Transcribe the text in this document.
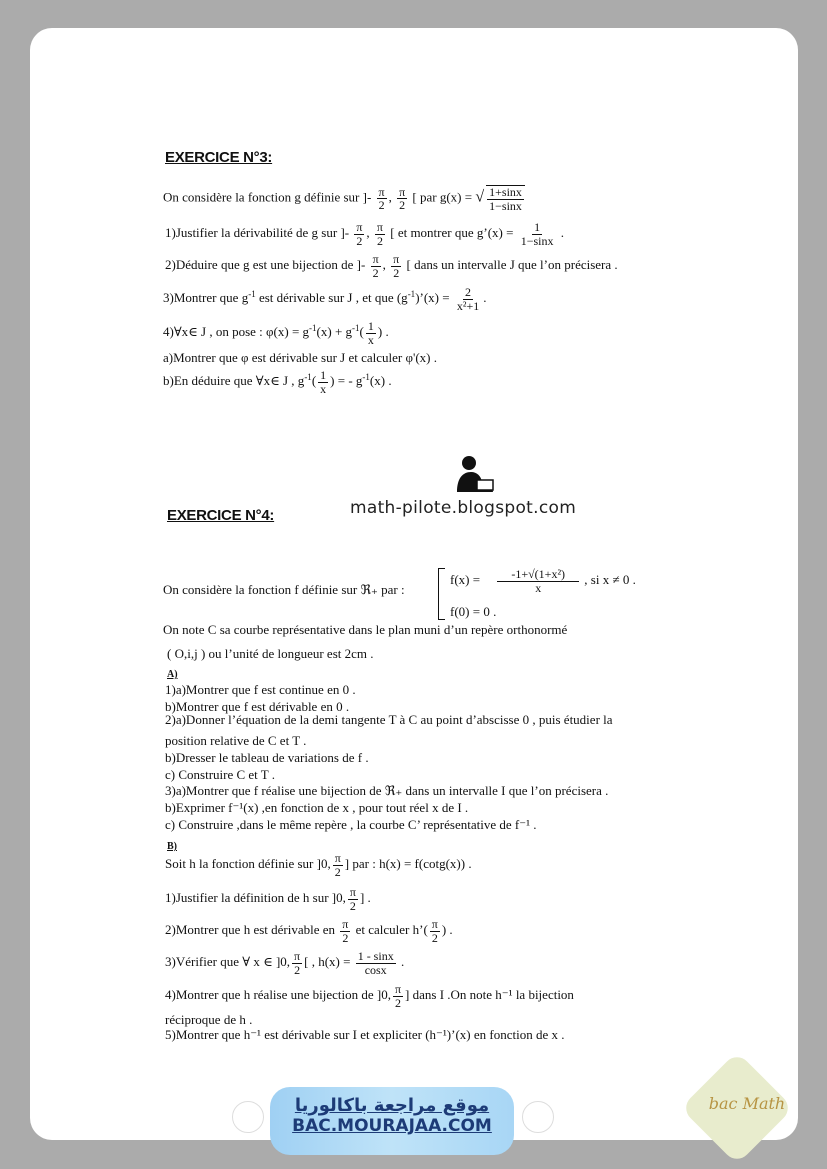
EXERCICE N°3:
On considère la fonction g définie sur ]- $\frac{\pi}{2}$ , $\frac{\pi}{2}$ [ par g(x) = √ $\frac{1+\sin x}{1-\sin x}$
1)Justifier la dérivabilité de g sur ]- $\frac{\pi}{2}$ , $\frac{\pi}{2}$ [ et montrer que g’(x) = $\frac{1}{1-\sin x}$ .
2)Déduire que g est une bijection de ]- $\frac{\pi}{2}$ , $\frac{\pi}{2}$ [ dans un intervalle J que l’on précisera .
3)Montrer que $g^{-1}$ est dérivable sur J , et que $(g^{-1})’(x) = \frac{2}{\text{x²+1}}$ .
4)∀x∈ J , on pose : $\varphi(x) = g^{-1}(x) + g^{-1}( \frac{1}{x}$ ) .
a)Montrer que φ est dérivable sur J et calculer φ'(x) .
b)En déduire que ∀x∈ J , $g^{-1}( \frac{1}{x}$ ) = - $g^{-1}(x)$ .
math-pilote.blogspot.com
EXERCICE N°4:
On considère la fonction f définie sur ℜ₊ par :
$f(x) = \frac{\text{-1+√(1+x²)}}{x}$ , si x ≠ 0 .
f(0) = 0 .
On note C sa courbe représentative dans le plan muni d’un repère orthonormé
( O,i,j ) ou l’unité de longueur est 2cm .
A)
1)a)Montrer que f est continue en 0 .
b)Montrer que f est dérivable en 0 .
2)a)Donner l’équation de la demi tangente T à C au point d’abscisse 0 , puis étudier la
position relative de C et T .
b)Dresser le tableau de variations de f .
c) Construire C et T .
3)a)Montrer que f réalise une bijection de ℜ₊ dans un intervalle I que l’on précisera .
b)Exprimer f⁻¹(x) ,en fonction de x , pour tout réel x de I .
c) Construire ,dans le même repère , la courbe C’ représentative de f⁻¹ .
B)
Soit h la fonction définie sur ]0, $\frac{\pi}{2}$ ] par : h(x) = f(cotg(x)) .
1)Justifier la définition de h sur ]0, $\frac{\pi}{2}$ ] .
2)Montrer que h est dérivable en $\frac{\pi}{2}$ et calculer h’( $\frac{\pi}{2}$ ) .
3)Vérifier que ∀ x ∈ ]0, $\frac{\pi}{2}$ [ , $h(x) = \frac{1 - \sin x}{\cos x}$ .
4)Montrer que h réalise une bijection de ]0, $\frac{\pi}{2}$ ] dans I .On note h⁻¹ la bijection
réciproque de h .
5)Montrer que h⁻¹ est dérivable sur I et expliciter (h⁻¹)’(x) en fonction de x .
موقع مراجعة باكالوريا
BAC.MOURAJAA.COM
bac Math
